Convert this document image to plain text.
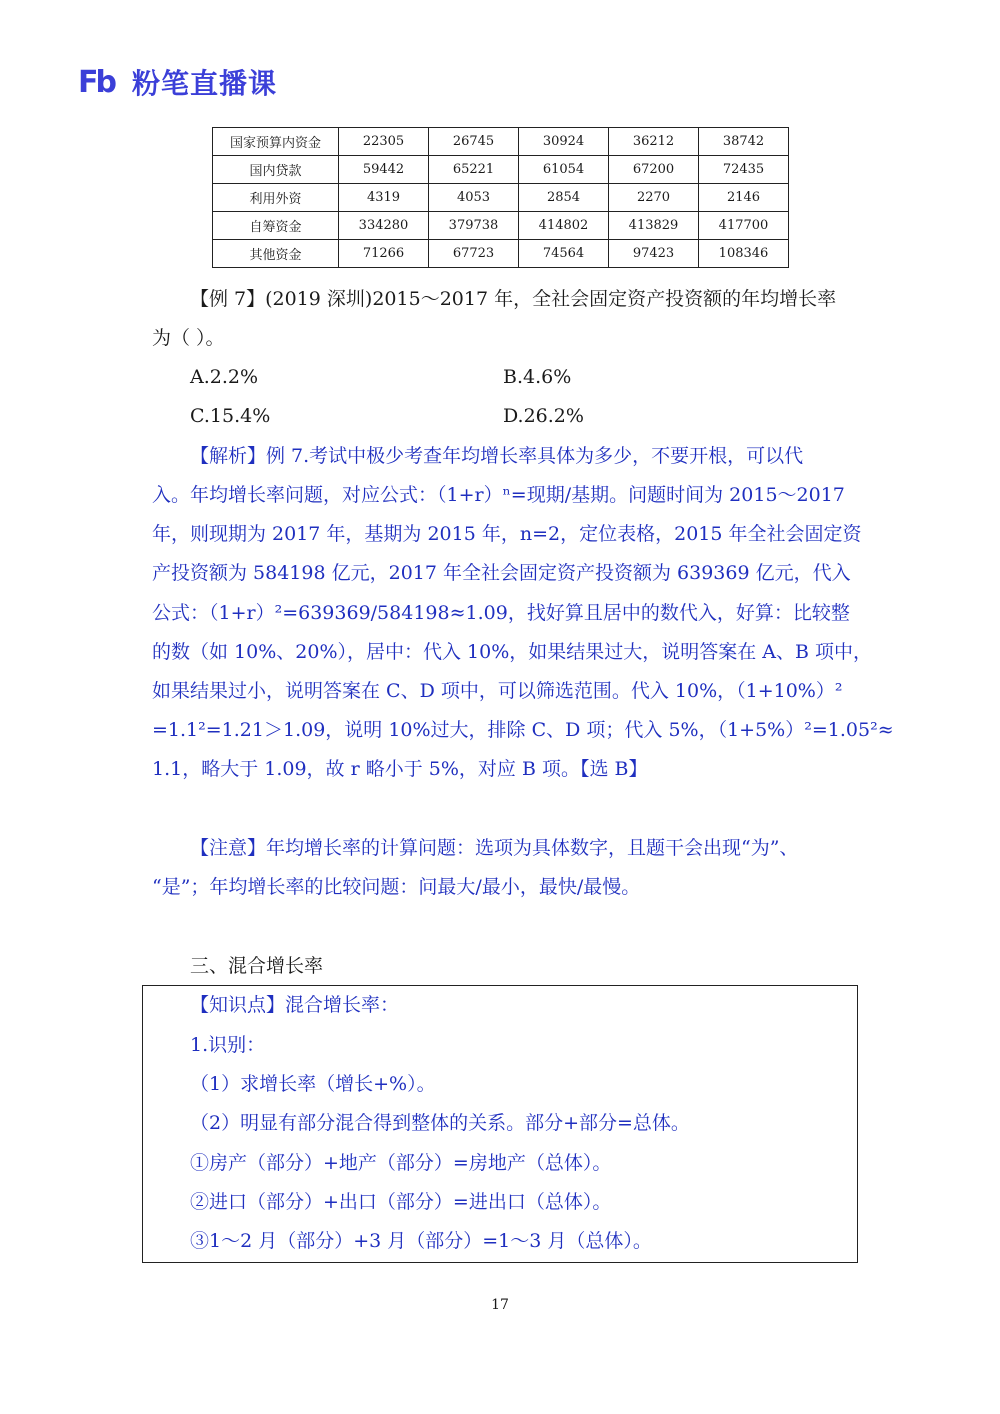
Fb 粉笔直播课
国家预算内资金	22305	26745	30924	36212	38742
国内贷款	59442	65221	61054	67200	72435
利用外资	4319	4053	2854	2270	2146
自筹资金	334280	379738	414802	413829	417700
其他资金	71266	67723	74564	97423	108346
【例 7】(2019 深圳)2015～2017 年，全社会固定资产投资额的年均增长率
为（ ）。
A.2.2%	B.4.6%
C.15.4%	D.26.2%
【解析】例 7.考试中极少考查年均增长率具体为多少，不要开根，可以代
入。年均增长率问题，对应公式：（1+r）ⁿ=现期/基期。问题时间为 2015～2017
年，则现期为 2017 年，基期为 2015 年，n=2，定位表格，2015 年全社会固定资
产投资额为 584198 亿元，2017 年全社会固定资产投资额为 639369 亿元，代入
公式：（1+r）²=639369/584198≈1.09，找好算且居中的数代入，好算：比较整
的数（如 10%、20%），居中：代入 10%，如果结果过大，说明答案在 A、B 项中，
如果结果过小，说明答案在 C、D 项中，可以筛选范围。代入 10%，（1+10%）²
=1.1²=1.21＞1.09，说明 10%过大，排除 C、D 项；代入 5%，（1+5%）²=1.05²≈
1.1，略大于 1.09，故 r 略小于 5%，对应 B 项。【选 B】
【注意】年均增长率的计算问题：选项为具体数字，且题干会出现“为”、
“是”；年均增长率的比较问题：问最大/最小，最快/最慢。
三、混合增长率
【知识点】混合增长率：
1.识别：
（1）求增长率（增长+%）。
（2）明显有部分混合得到整体的关系。部分+部分=总体。
①房产（部分）+地产（部分）=房地产（总体）。
②进口（部分）+出口（部分）=进出口（总体）。
③1～2 月（部分）+3 月（部分）=1～3 月（总体）。
17
